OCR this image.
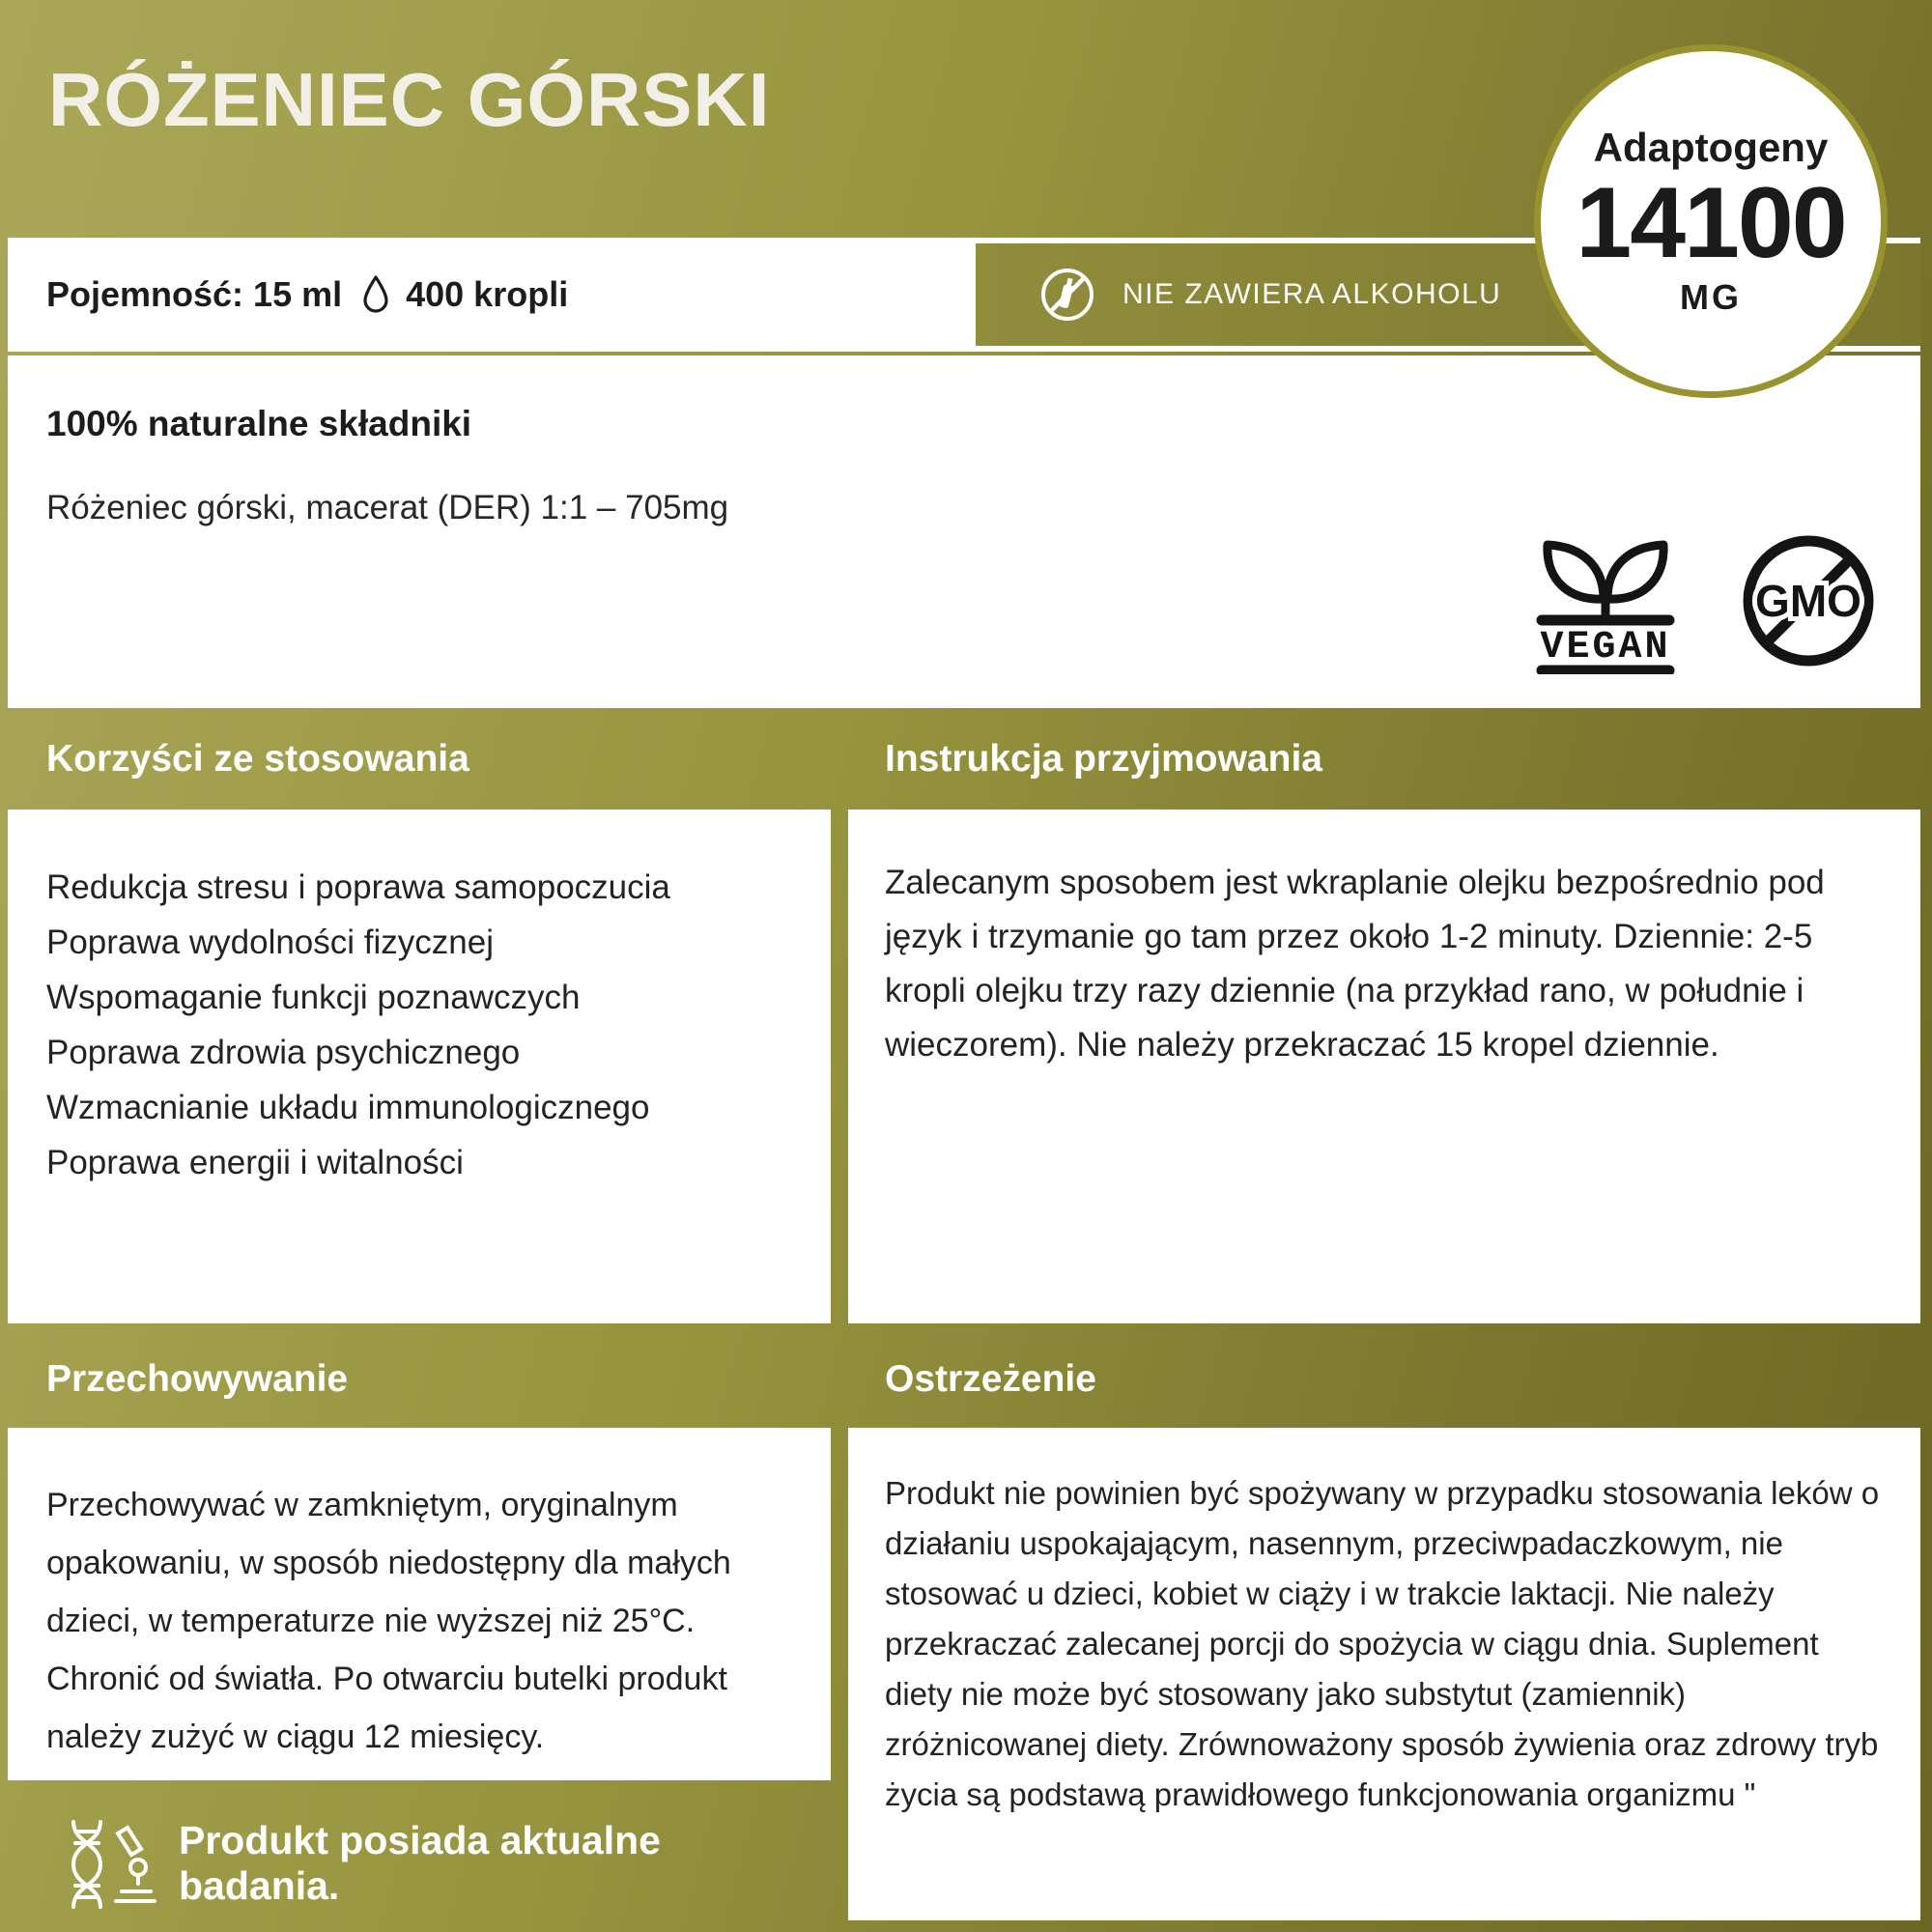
RÓŻENIEC GÓRSKI
Pojemność: 15 ml 400 kropli	NIE ZAWIERA ALKOHOLU
Adaptogeny
14100
MG
100% naturalne składniki
Różeniec górski, macerat (DER) 1:1 – 705mg
VEGAN
GMO
Korzyści ze stosowania	Instrukcja przyjmowania
Redukcja stresu i poprawa samopoczucia
Poprawa wydolności fizycznej
Wspomaganie funkcji poznawczych
Poprawa zdrowia psychicznego
Wzmacnianie układu immunologicznego
Poprawa energii i witalności
Zalecanym sposobem jest wkraplanie olejku bezpośrednio pod język i trzymanie go tam przez około 1-2 minuty. Dziennie: 2-5 kropli olejku trzy razy dziennie (na przykład rano, w południe i wieczorem). Nie należy przekraczać 15 kropel dziennie.
Przechowywanie	Ostrzeżenie
Przechowywać w zamkniętym, oryginalnym opakowaniu, w sposób niedostępny dla małych dzieci, w temperaturze nie wyższej niż 25°C. Chronić od światła. Po otwarciu butelki produkt należy zużyć w ciągu 12 miesięcy.
Produkt nie powinien być spożywany w przypadku stosowania leków o działaniu uspokajającym, nasennym, przeciwpadaczkowym, nie stosować u dzieci, kobiet w ciąży i w trakcie laktacji. Nie należy przekraczać zalecanej porcji do spożycia w ciągu dnia. Suplement diety nie może być stosowany jako substytut (zamiennik) zróżnicowanej diety. Zrównoważony sposób żywienia oraz zdrowy tryb życia są podstawą prawidłowego funkcjonowania organizmu "
Produkt posiada aktualne badania.
